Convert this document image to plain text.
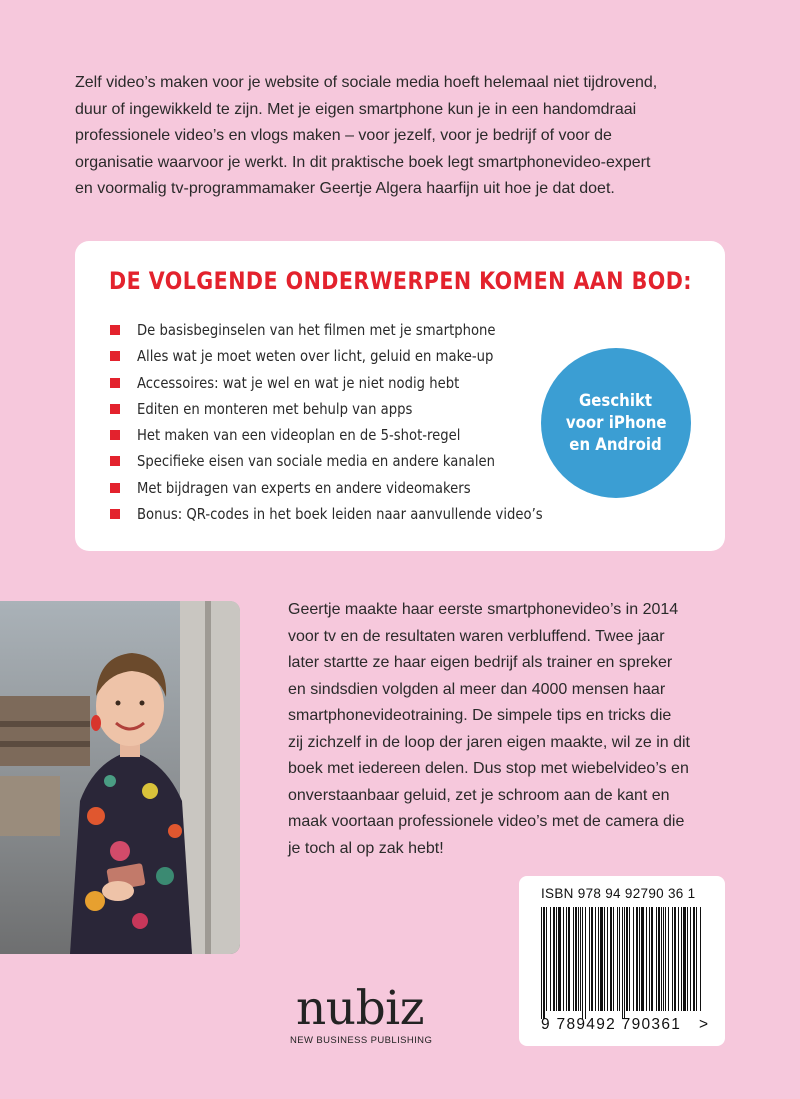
Zelf video’s maken voor je website of sociale media hoeft helemaal niet tijdrovend,
duur of ingewikkeld te zijn. Met je eigen smartphone kun je in een handomdraai
professionele video’s en vlogs maken – voor jezelf, voor je bedrijf of voor de
organisatie waarvoor je werkt. In dit praktische boek legt smartphonevideo-expert
en voormalig tv-programmamaker Geertje Algera haarfijn uit hoe je dat doet.
DE VOLGENDE ONDERWERPEN KOMEN AAN BOD:
De basisbeginselen van het filmen met je smartphone
Alles wat je moet weten over licht, geluid en make-up
Accessoires: wat je wel en wat je niet nodig hebt
Editen en monteren met behulp van apps
Het maken van een videoplan en de 5-shot-regel
Specifieke eisen van sociale media en andere kanalen
Met bijdragen van experts en andere videomakers
Bonus: QR-codes in het boek leiden naar aanvullende video’s
Geschikt
voor iPhone
en Android
Geertje maakte haar eerste smartphonevideo’s in 2014
voor tv en de resultaten waren verbluffend. Twee jaar
later startte ze haar eigen bedrijf als trainer en spreker
en sindsdien volgden al meer dan 4000 mensen haar
smartphonevideotraining. De simpele tips en tricks die
zij zichzelf in de loop der jaren eigen maakte, wil ze in dit
boek met iedereen delen. Dus stop met wiebelvideo’s en
onverstaanbaar geluid, zet je schroom aan de kant en
maak voortaan professionele video’s met de camera die
je toch al op zak hebt!
ISBN 978 94 92790 36 1
9 789492 790361 >
nubiz
NEW BUSINESS PUBLISHING
